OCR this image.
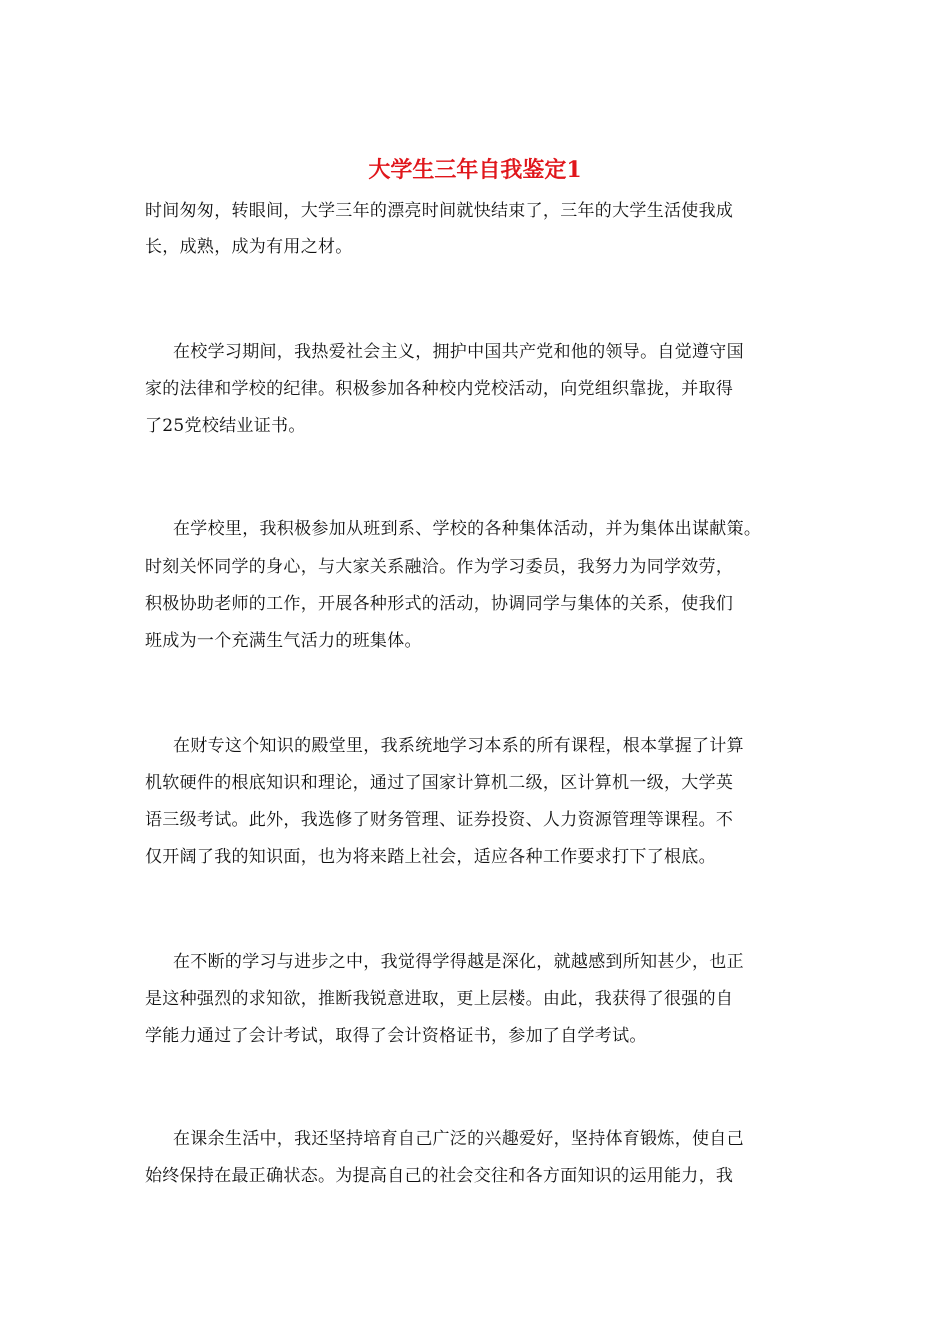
大学生三年自我鉴定1
时间匆匆，转眼间，大学三年的漂亮时间就快结束了，三年的大学生活使我成
长，成熟，成为有用之材。
在校学习期间，我热爱社会主义，拥护中国共产党和他的领导。自觉遵守国
家的法律和学校的纪律。积极参加各种校内党校活动，向党组织靠拢，并取得
了25党校结业证书。
在学校里，我积极参加从班到系、学校的各种集体活动，并为集体出谋献策。
时刻关怀同学的身心，与大家关系融洽。作为学习委员，我努力为同学效劳，
积极协助老师的工作，开展各种形式的活动，协调同学与集体的关系，使我们
班成为一个充满生气活力的班集体。
在财专这个知识的殿堂里，我系统地学习本系的所有课程，根本掌握了计算
机软硬件的根底知识和理论，通过了国家计算机二级，区计算机一级，大学英
语三级考试。此外，我选修了财务管理、证券投资、人力资源管理等课程。不
仅开阔了我的知识面，也为将来踏上社会，适应各种工作要求打下了根底。
在不断的学习与进步之中，我觉得学得越是深化，就越感到所知甚少，也正
是这种强烈的求知欲，推断我锐意进取，更上层楼。由此，我获得了很强的自
学能力通过了会计考试，取得了会计资格证书，参加了自学考试。
在课余生活中，我还坚持培育自己广泛的兴趣爱好，坚持体育锻炼，使自己
始终保持在最正确状态。为提高自己的社会交往和各方面知识的运用能力，我
